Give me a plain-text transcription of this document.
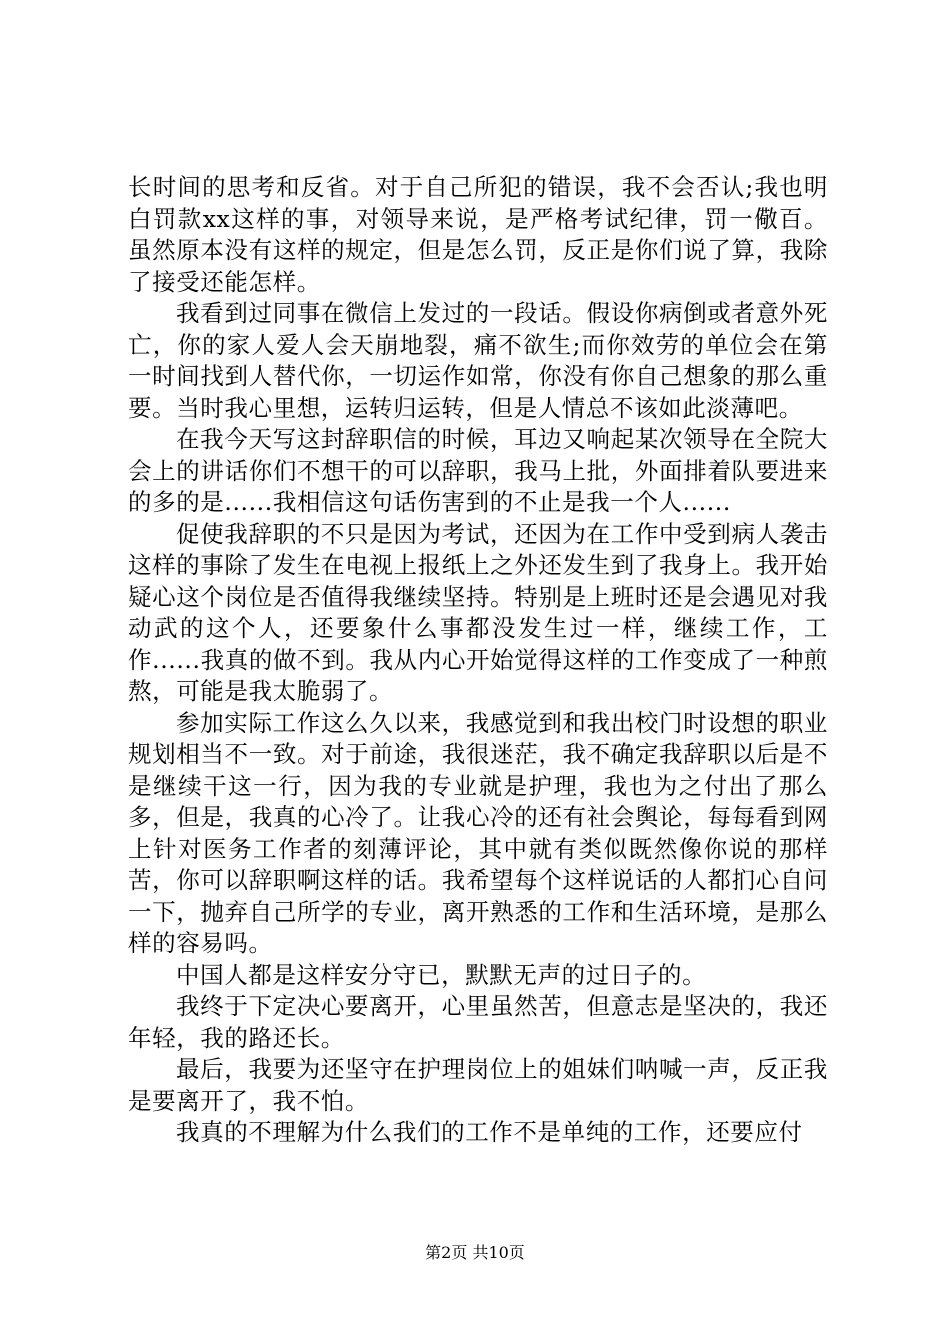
长时间的思考和反省。对于自己所犯的错误，我不会否认;我也明白罚款xx这样的事，对领导来说，是严格考试纪律，罚一儆百。虽然原本没有这样的规定，但是怎么罚，反正是你们说了算，我除了接受还能怎样。

我看到过同事在微信上发过的一段话。假设你病倒或者意外死亡，你的家人爱人会天崩地裂，痛不欲生;而你效劳的单位会在第一时间找到人替代你，一切运作如常，你没有你自己想象的那么重要。当时我心里想，运转归运转，但是人情总不该如此淡薄吧。

在我今天写这封辞职信的时候，耳边又响起某次领导在全院大会上的讲话你们不想干的可以辞职，我马上批，外面排着队要进来的多的是......我相信这句话伤害到的不止是我一个人......

促使我辞职的不只是因为考试，还因为在工作中受到病人袭击这样的事除了发生在电视上报纸上之外还发生到了我身上。我开始疑心这个岗位是否值得我继续坚持。特别是上班时还是会遇见对我动武的这个人，还要象什么事都没发生过一样，继续工作，工作......我真的做不到。我从内心开始觉得这样的工作变成了一种煎熬，可能是我太脆弱了。

参加实际工作这么久以来，我感觉到和我出校门时设想的职业规划相当不一致。对于前途，我很迷茫，我不确定我辞职以后是不是继续干这一行，因为我的专业就是护理，我也为之付出了那么多，但是，我真的心冷了。让我心冷的还有社会舆论，每每看到网上针对医务工作者的刻薄评论，其中就有类似既然像你说的那样苦，你可以辞职啊这样的话。我希望每个这样说话的人都扪心自问一下，抛弃自己所学的专业，离开熟悉的工作和生活环境，是那么样的容易吗。

中国人都是这样安分守已，默默无声的过日子的。

我终于下定决心要离开，心里虽然苦，但意志是坚决的，我还年轻，我的路还长。

最后，我要为还坚守在护理岗位上的姐妹们呐喊一声，反正我是要离开了，我不怕。

我真的不理解为什么我们的工作不是单纯的工作，还要应付

第2页 共10页
